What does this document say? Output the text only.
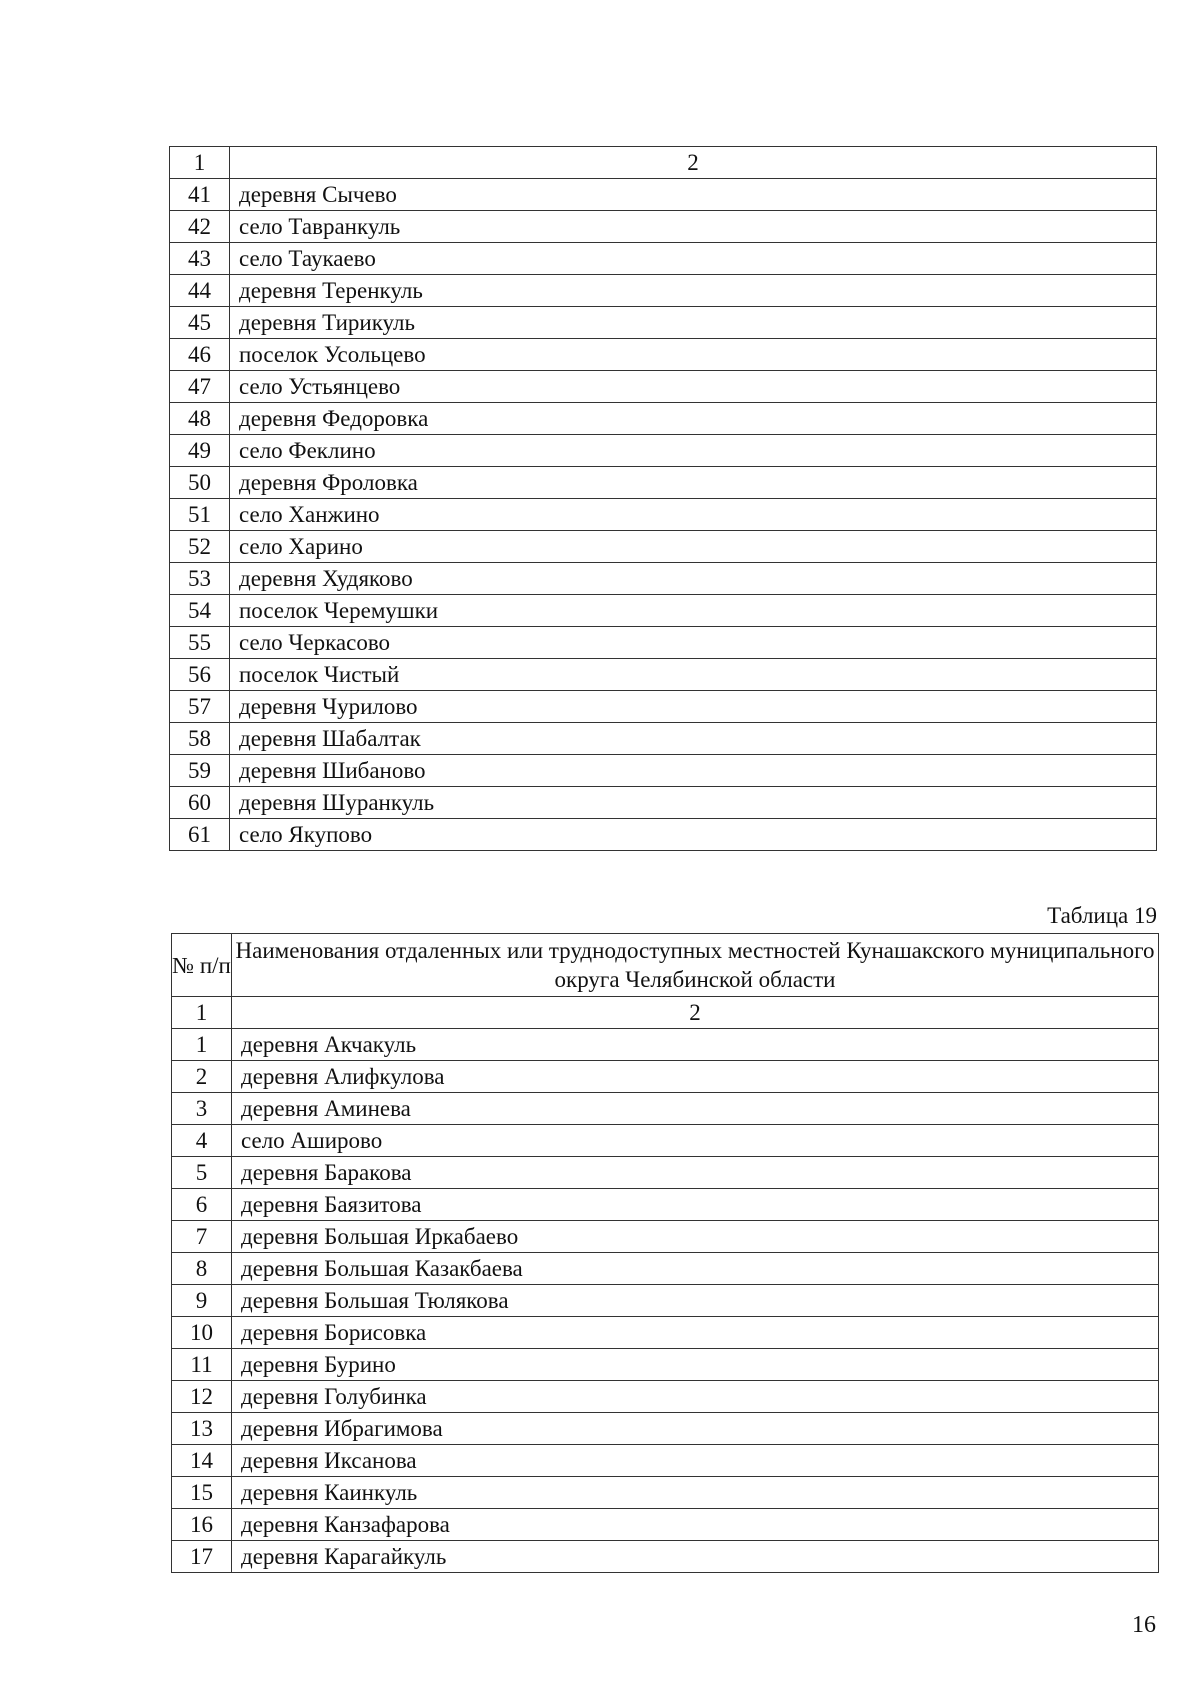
1	2
41	деревня Сычево
42	село Тавранкуль
43	село Таукаево
44	деревня Теренкуль
45	деревня Тирикуль
46	поселок Усольцево
47	село Устьянцево
48	деревня Федоровка
49	село Феклино
50	деревня Фроловка
51	село Ханжино
52	село Харино
53	деревня Худяково
54	поселок Черемушки
55	село Черкасово
56	поселок Чистый
57	деревня Чурилово
58	деревня Шабалтак
59	деревня Шибаново
60	деревня Шуранкуль
61	село Якупово
Таблица 19
№ п/п	Наименования отдаленных или труднодоступных местностей Кунашакского муниципального округа Челябинской области
1	2
1	деревня Акчакуль
2	деревня Алифкулова
3	деревня Аминева
4	село Аширово
5	деревня Баракова
6	деревня Баязитова
7	деревня Большая Иркабаево
8	деревня Большая Казакбаева
9	деревня Большая Тюлякова
10	деревня Борисовка
11	деревня Бурино
12	деревня Голубинка
13	деревня Ибрагимова
14	деревня Иксанова
15	деревня Каинкуль
16	деревня Канзафарова
17	деревня Карагайкуль
16
